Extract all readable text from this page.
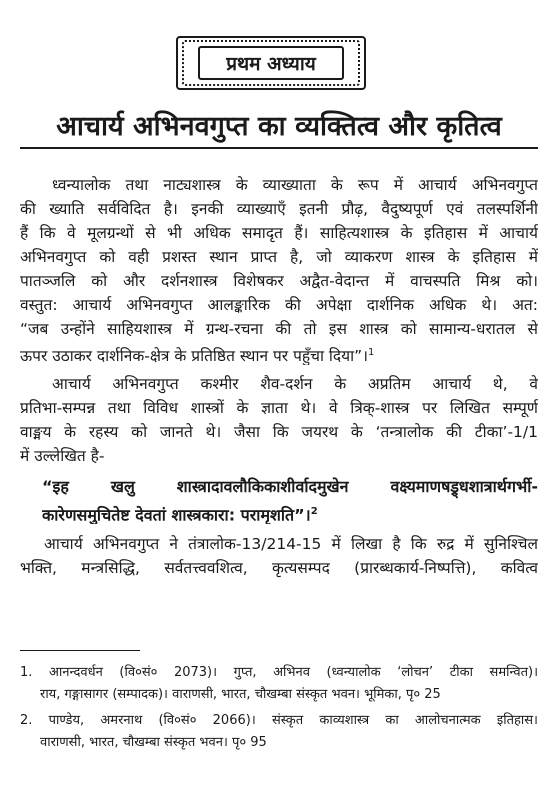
प्रथम अध्याय
आचार्य अभिनवगुप्त का व्यक्तित्व और कृतित्व
ध्वन्यालोक तथा नाट्यशास्त्र के व्याख्याता के रूप में आचार्य अभिनवगुप्त
की ख्याति सर्वविदित है। इनकी व्याख्याएँ इतनी प्रौढ़, वैदुष्यपूर्ण एवं तलस्पर्शिनी
हैं कि वे मूलग्रन्थों से भी अधिक समादृत हैं। साहित्यशास्त्र के इतिहास में आचार्य
अभिनवगुप्त को वही प्रशस्त स्थान प्राप्त है, जो व्याकरण शास्त्र के इतिहास में
पातञ्जलि को और दर्शनशास्त्र विशेषकर अद्वैत-वेदान्त में वाचस्पति मिश्र को।
वस्तुत: आचार्य अभिनवगुप्त आलङ्कारिक की अपेक्षा दार्शनिक अधिक थे। अत:
“जब उन्होंने साहियशास्त्र में ग्रन्थ-रचना की तो इस शास्त्र को सामान्य-धरातल से
ऊपर उठाकर दार्शनिक-क्षेत्र के प्रतिष्ठित स्थान पर पहुँचा दिया”।$^1$
आचार्य अभिनवगुप्त कश्मीर शैव-दर्शन के अप्रतिम आचार्य थे, वे
प्रतिभा-सम्पन्न तथा विविध शास्त्रों के ज्ञाता थे। वे त्रिक्-शास्त्र पर लिखित सम्पूर्ण
वाङ्मय के रहस्य को जानते थे। जैसा कि जयरथ के ‘तन्त्रालोक की टीका’-1/1
में उल्लेखित है-
“इह खलु शास्त्रादावलौकिकाशीर्वादमुखेन वक्ष्यमाणषड्र्धशात्रार्थगर्भी-
कारेणसमुचितेष्ट देवतां शास्त्रकारा: परामृशति”।$^2$
आचार्य अभिनवगुप्त ने तंत्रालोक-13/214-15 में लिखा है कि रुद्र में सुनिश्चिल
भक्ति, मन्त्रसिद्धि, सर्वतत्त्ववशित्व, कृत्यसम्पद (प्रारब्धकार्य-निष्पत्ति), कवित्व
1. आनन्दवर्धन (वि०सं० 2073)। गुप्त, अभिनव (ध्वन्यालोक ‘लोचन’ टीका समन्वित)।
राय, गङ्गासागर (सम्पादक)। वाराणसी, भारत, चौखम्बा संस्कृत भवन। भूमिका, पृ० 25
2. पाण्डेय, अमरनाथ (वि०सं० 2066)। संस्कृत काव्यशास्त्र का आलोचनात्मक इतिहास।
वाराणसी, भारत, चौखम्बा संस्कृत भवन। पृ० 95
